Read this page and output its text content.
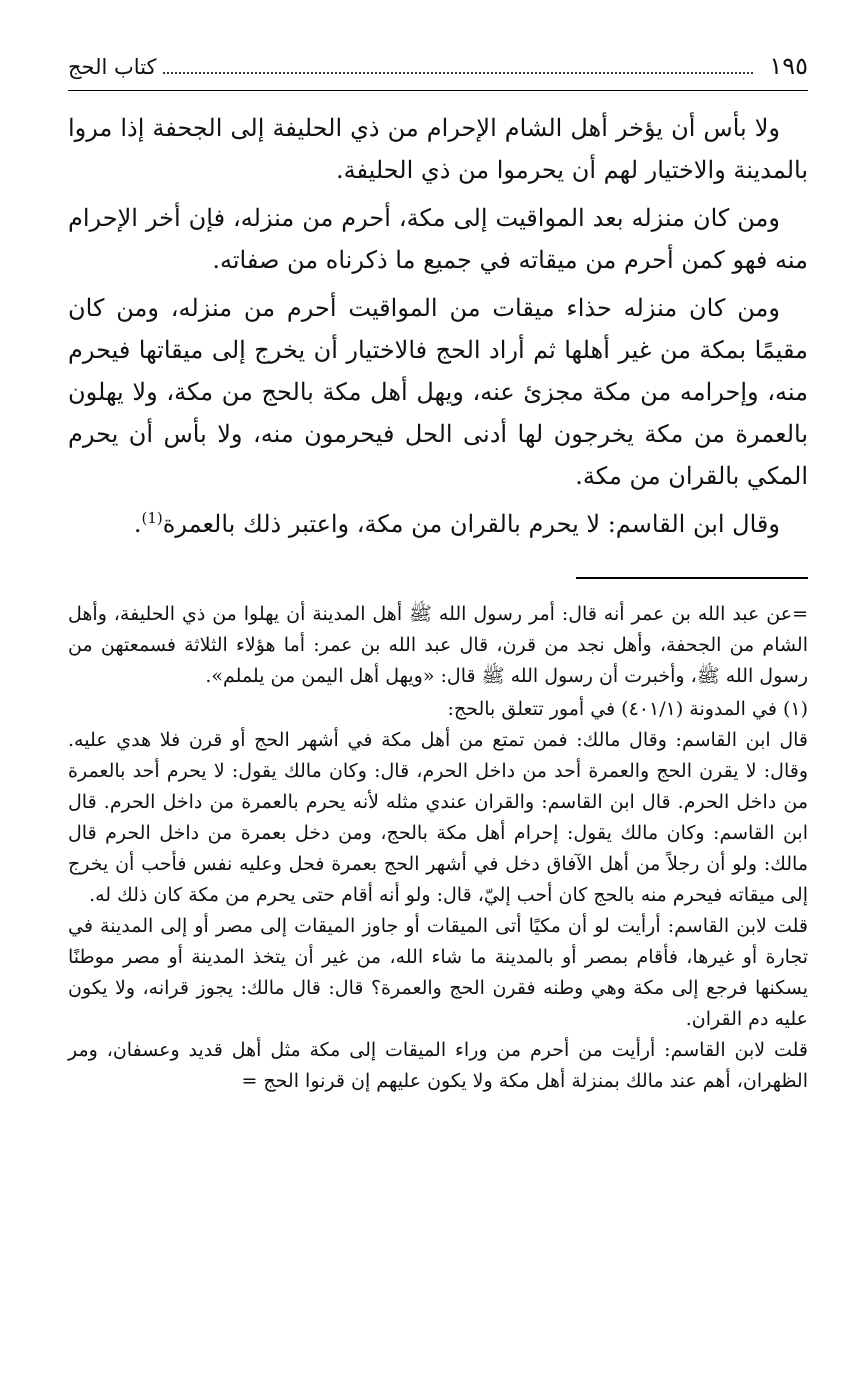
١٩٥
كتاب الحج

ولا بأس أن يؤخر أهل الشام الإحرام من ذي الحليفة إلى الجحفة إذا مروا بالمدينة والاختيار لهم أن يحرموا من ذي الحليفة.

ومن كان منزله بعد المواقيت إلى مكة، أحرم من منزله، فإن أخر الإحرام منه فهو كمن أحرم من ميقاته في جميع ما ذكرناه من صفاته.

ومن كان منزله حذاء ميقات من المواقيت أحرم من منزله، ومن كان مقيمًا بمكة من غير أهلها ثم أراد الحج فالاختيار أن يخرج إلى ميقاتها فيحرم منه، وإحرامه من مكة مجزئ عنه، ويهل أهل مكة بالحج من مكة، ولا يهلون بالعمرة من مكة يخرجون لها أدنى الحل فيحرمون منه، ولا بأس أن يحرم المكي بالقران من مكة.

وقال ابن القاسم: لا يحرم بالقران من مكة، واعتبر ذلك بالعمرة$^{(1)}$.

=عن عبد الله بن عمر أنه قال: أمر رسول الله ﷺ أهل المدينة أن يهلوا من ذي الحليفة، وأهل الشام من الجحفة، وأهل نجد من قرن، قال عبد الله بن عمر: أما هؤلاء الثلاثة فسمعتهن من رسول الله ﷺ، وأخبرت أن رسول الله ﷺ قال: «ويهل أهل اليمن من يلملم».

(١) في المدونة (٤٠١/١) في أمور تتعلق بالحج:

قال ابن القاسم: وقال مالك: فمن تمتع من أهل مكة في أشهر الحج أو قرن فلا هدي عليه. وقال: لا يقرن الحج والعمرة أحد من داخل الحرم، قال: وكان مالك يقول: لا يحرم أحد بالعمرة من داخل الحرم. قال ابن القاسم: والقران عندي مثله لأنه يحرم بالعمرة من داخل الحرم. قال ابن القاسم: وكان مالك يقول: إحرام أهل مكة بالحج، ومن دخل بعمرة من داخل الحرم قال مالك: ولو أن رجلاً من أهل الآفاق دخل في أشهر الحج بعمرة فحل وعليه نفس فأحب أن يخرج إلى ميقاته فيحرم منه بالحج كان أحب إليّ، قال: ولو أنه أقام حتى يحرم من مكة كان ذلك له.

قلت لابن القاسم: أرأيت لو أن مكيًا أتى الميقات أو جاوز الميقات إلى مصر أو إلى المدينة في تجارة أو غيرها، فأقام بمصر أو بالمدينة ما شاء الله، من غير أن يتخذ المدينة أو مصر موطنًا يسكنها فرجع إلى مكة وهي وطنه فقرن الحج والعمرة؟ قال: قال مالك: يجوز قرانه، ولا يكون عليه دم القران.

قلت لابن القاسم: أرأيت من أحرم من وراء الميقات إلى مكة مثل أهل قديد وعسفان، ومر الظهران، أهم عند مالك بمنزلة أهل مكة ولا يكون عليهم إن قرنوا الحج =
